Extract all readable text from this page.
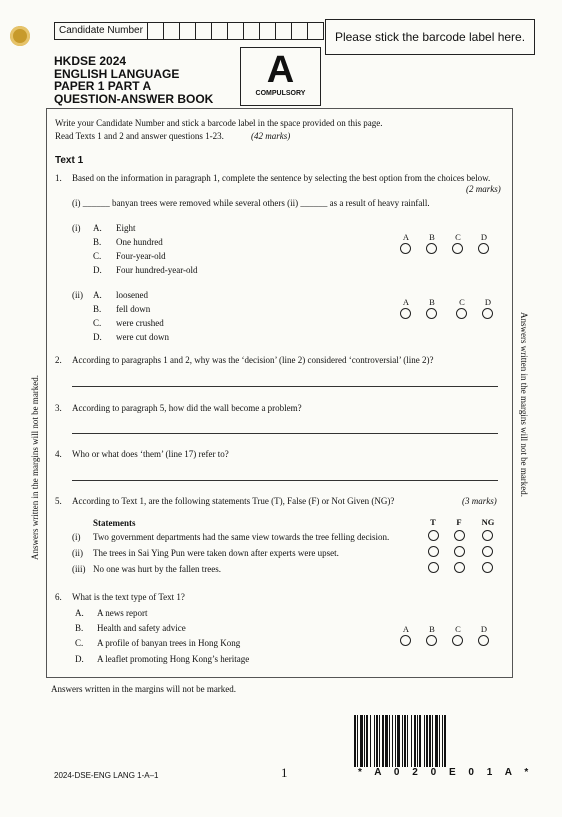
Candidate Number	Please stick the barcode label here.
HKDSE 2024
ENGLISH LANGUAGE
PAPER 1 PART A
QUESTION-ANSWER BOOK
A
COMPULSORY
Write your Candidate Number and stick a barcode label in the space provided on this page.
Read Texts 1 and 2 and answer questions 1-23.	(42 marks)
Text 1
1. Based on the information in paragraph 1, complete the sentence by selecting the best option from the choices below.
(2 marks)
(i) ______ banyan trees were removed while several others (ii) ______ as a result of heavy rainfall.
(i) A. Eight
B. One hundred
C. Four-year-old
D. Four hundred-year-old
A	B	C	D
(ii) A. loosened
B. fell down
C. were crushed
D. were cut down
A	B	C	D
2. According to paragraphs 1 and 2, why was the ‘decision’ (line 2) considered ‘controversial’ (line 2)?
3. According to paragraph 5, how did the wall become a problem?
4. Who or what does ‘them’ (line 17) refer to?
5. According to Text 1, are the following statements True (T), False (F) or Not Given (NG)?	(3 marks)
Statements	T	F	NG
(i) Two government departments had the same view towards the tree felling decision.
(ii) The trees in Sai Ying Pun were taken down after experts were upset.
(iii) No one was hurt by the fallen trees.
6. What is the text type of Text 1?
A. A news report
B. Health and safety advice
C. A profile of banyan trees in Hong Kong
D. A leaflet promoting Hong Kong’s heritage
A	B	C	D
Answers written in the margins will not be marked.	Answers written in the margins will not be marked.
Answers written in the margins will not be marked.
2024-DSE-ENG LANG 1-A–1	1	* A 0 2 0 E 0 1 A *
